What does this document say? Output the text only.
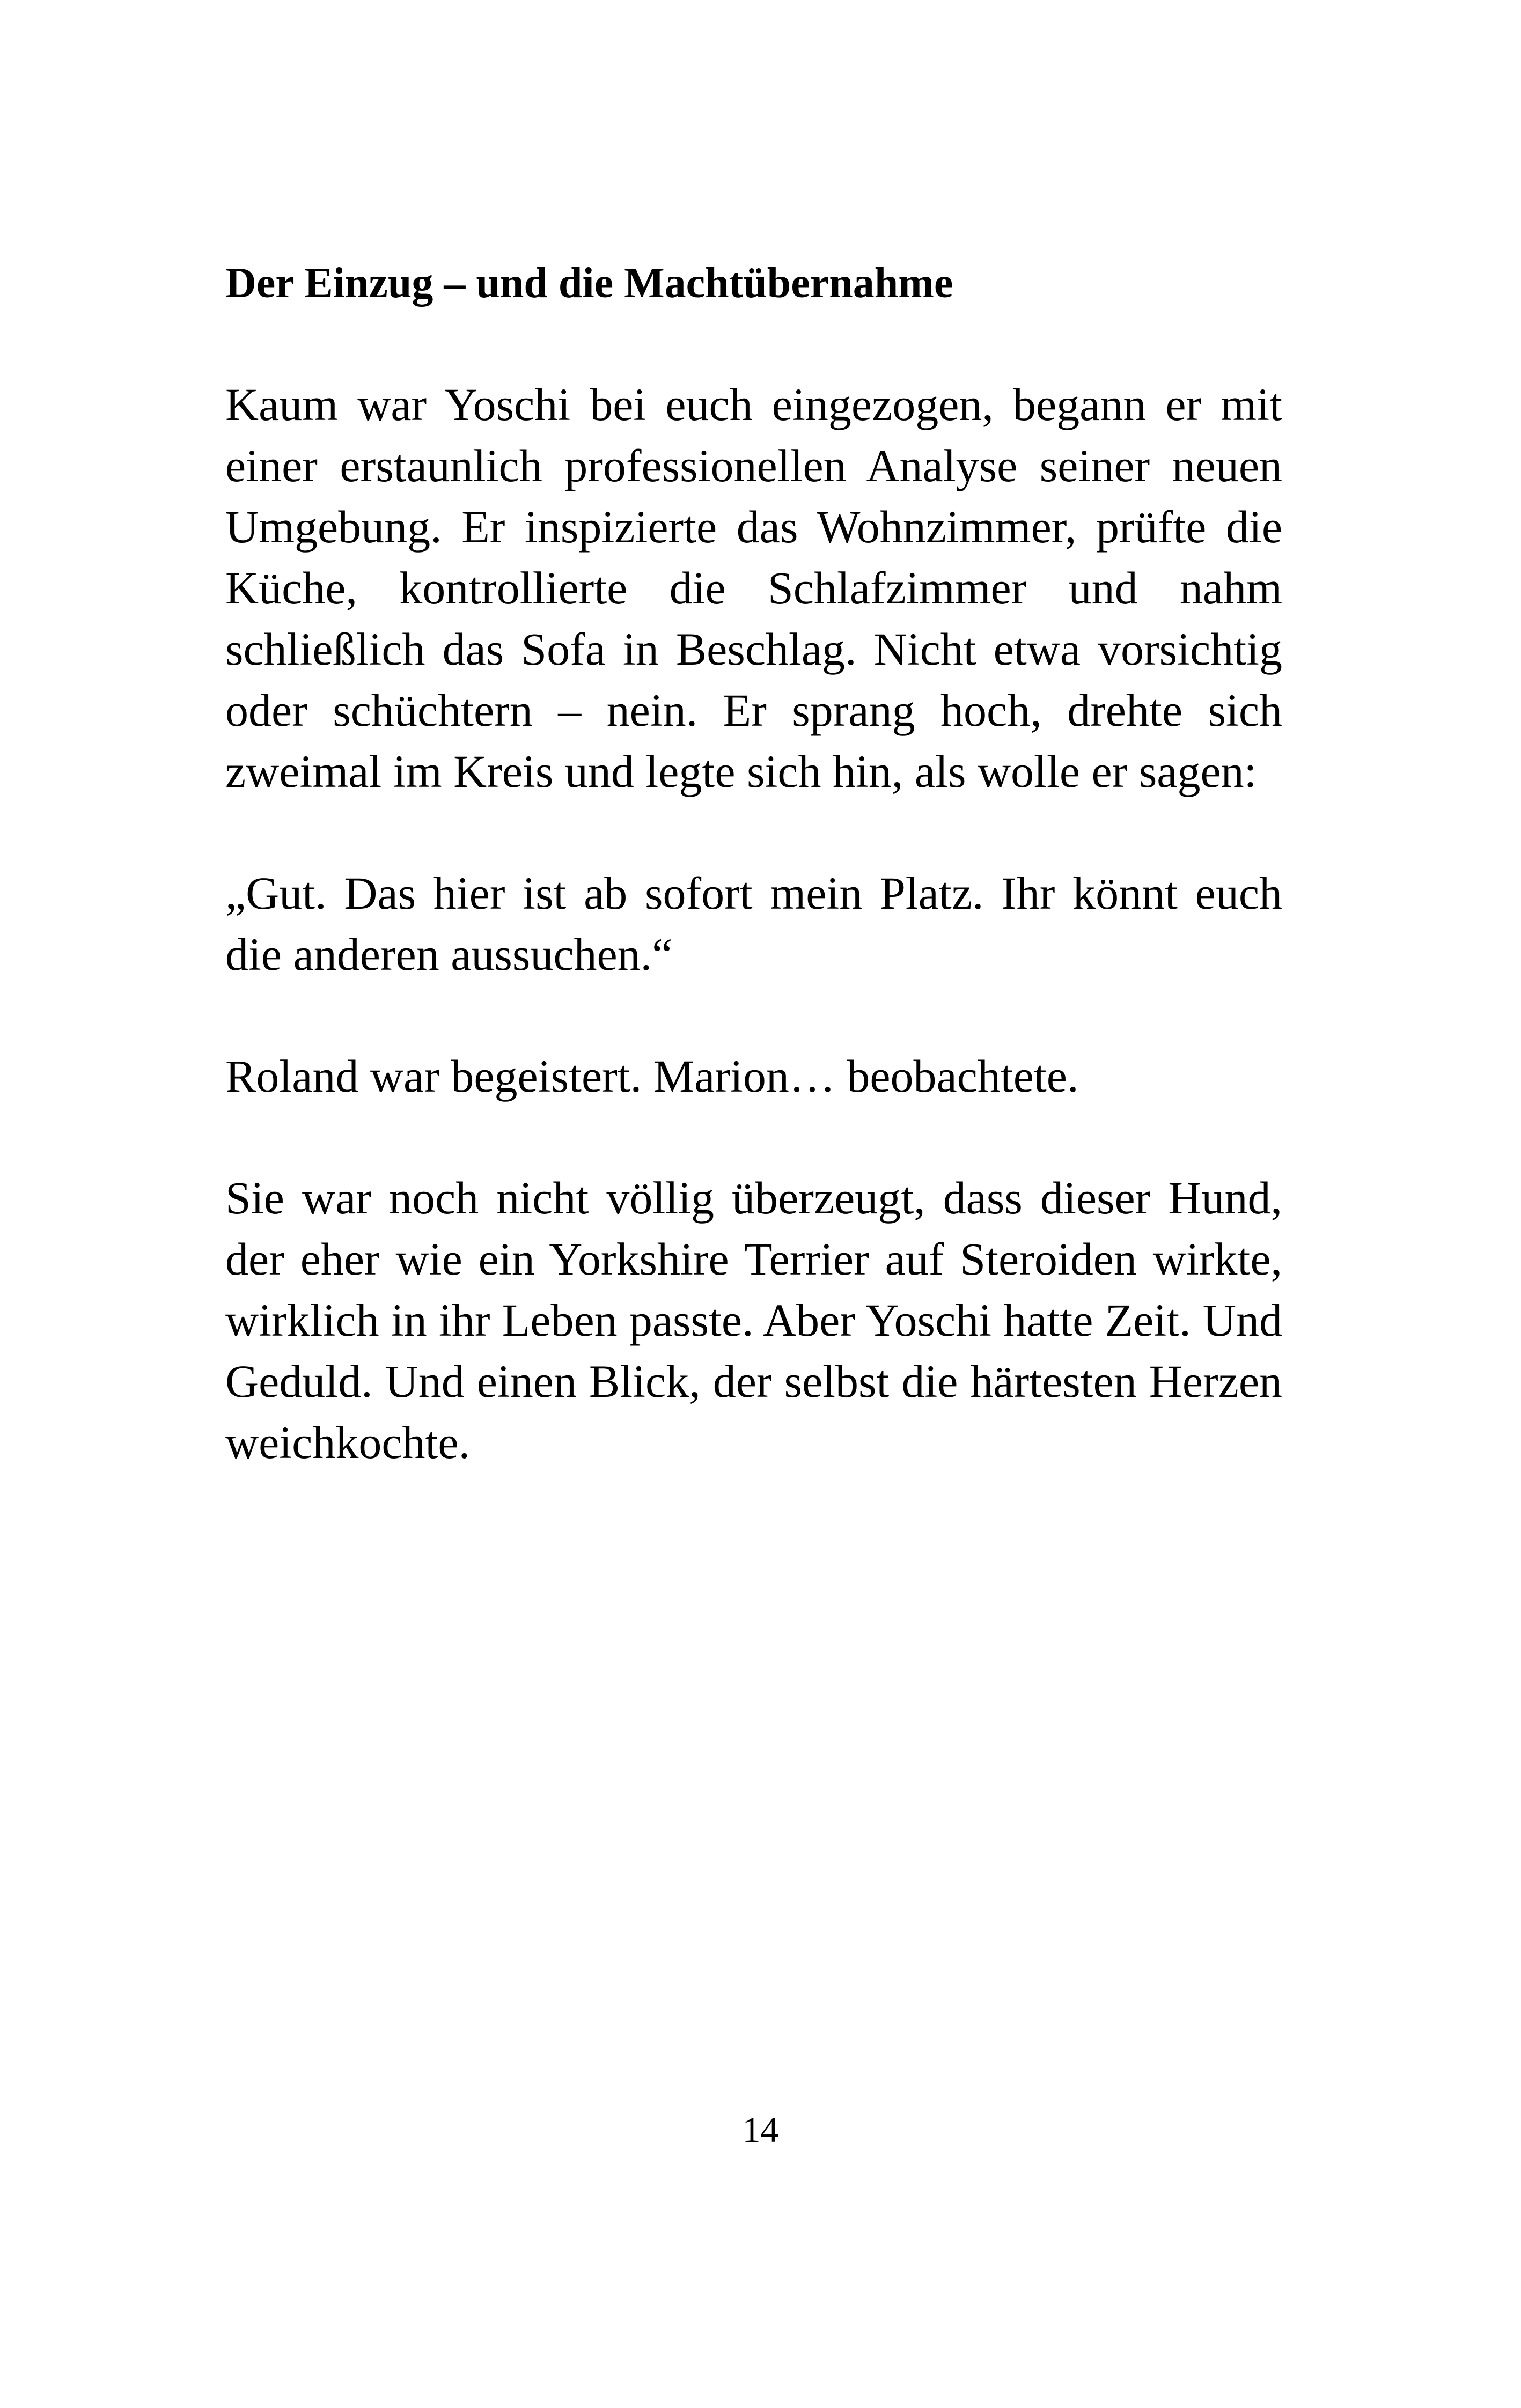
Der Einzug – und die Machtübernahme

Kaum war Yoschi bei euch eingezogen, begann er mit einer erstaunlich professionellen Analyse seiner neuen Umgebung. Er inspizierte das Wohnzimmer, prüfte die Küche, kontrollierte die Schlafzimmer und nahm schließlich das Sofa in Beschlag. Nicht etwa vorsichtig oder schüchtern – nein. Er sprang hoch, drehte sich zweimal im Kreis und legte sich hin, als wolle er sagen:

„Gut. Das hier ist ab sofort mein Platz. Ihr könnt euch die anderen aussuchen.“

Roland war begeistert. Marion… beobachtete.

Sie war noch nicht völlig überzeugt, dass dieser Hund, der eher wie ein Yorkshire Terrier auf Steroiden wirkte, wirklich in ihr Leben passte. Aber Yoschi hatte Zeit. Und Geduld. Und einen Blick, der selbst die härtesten Herzen weichkochte.

14
